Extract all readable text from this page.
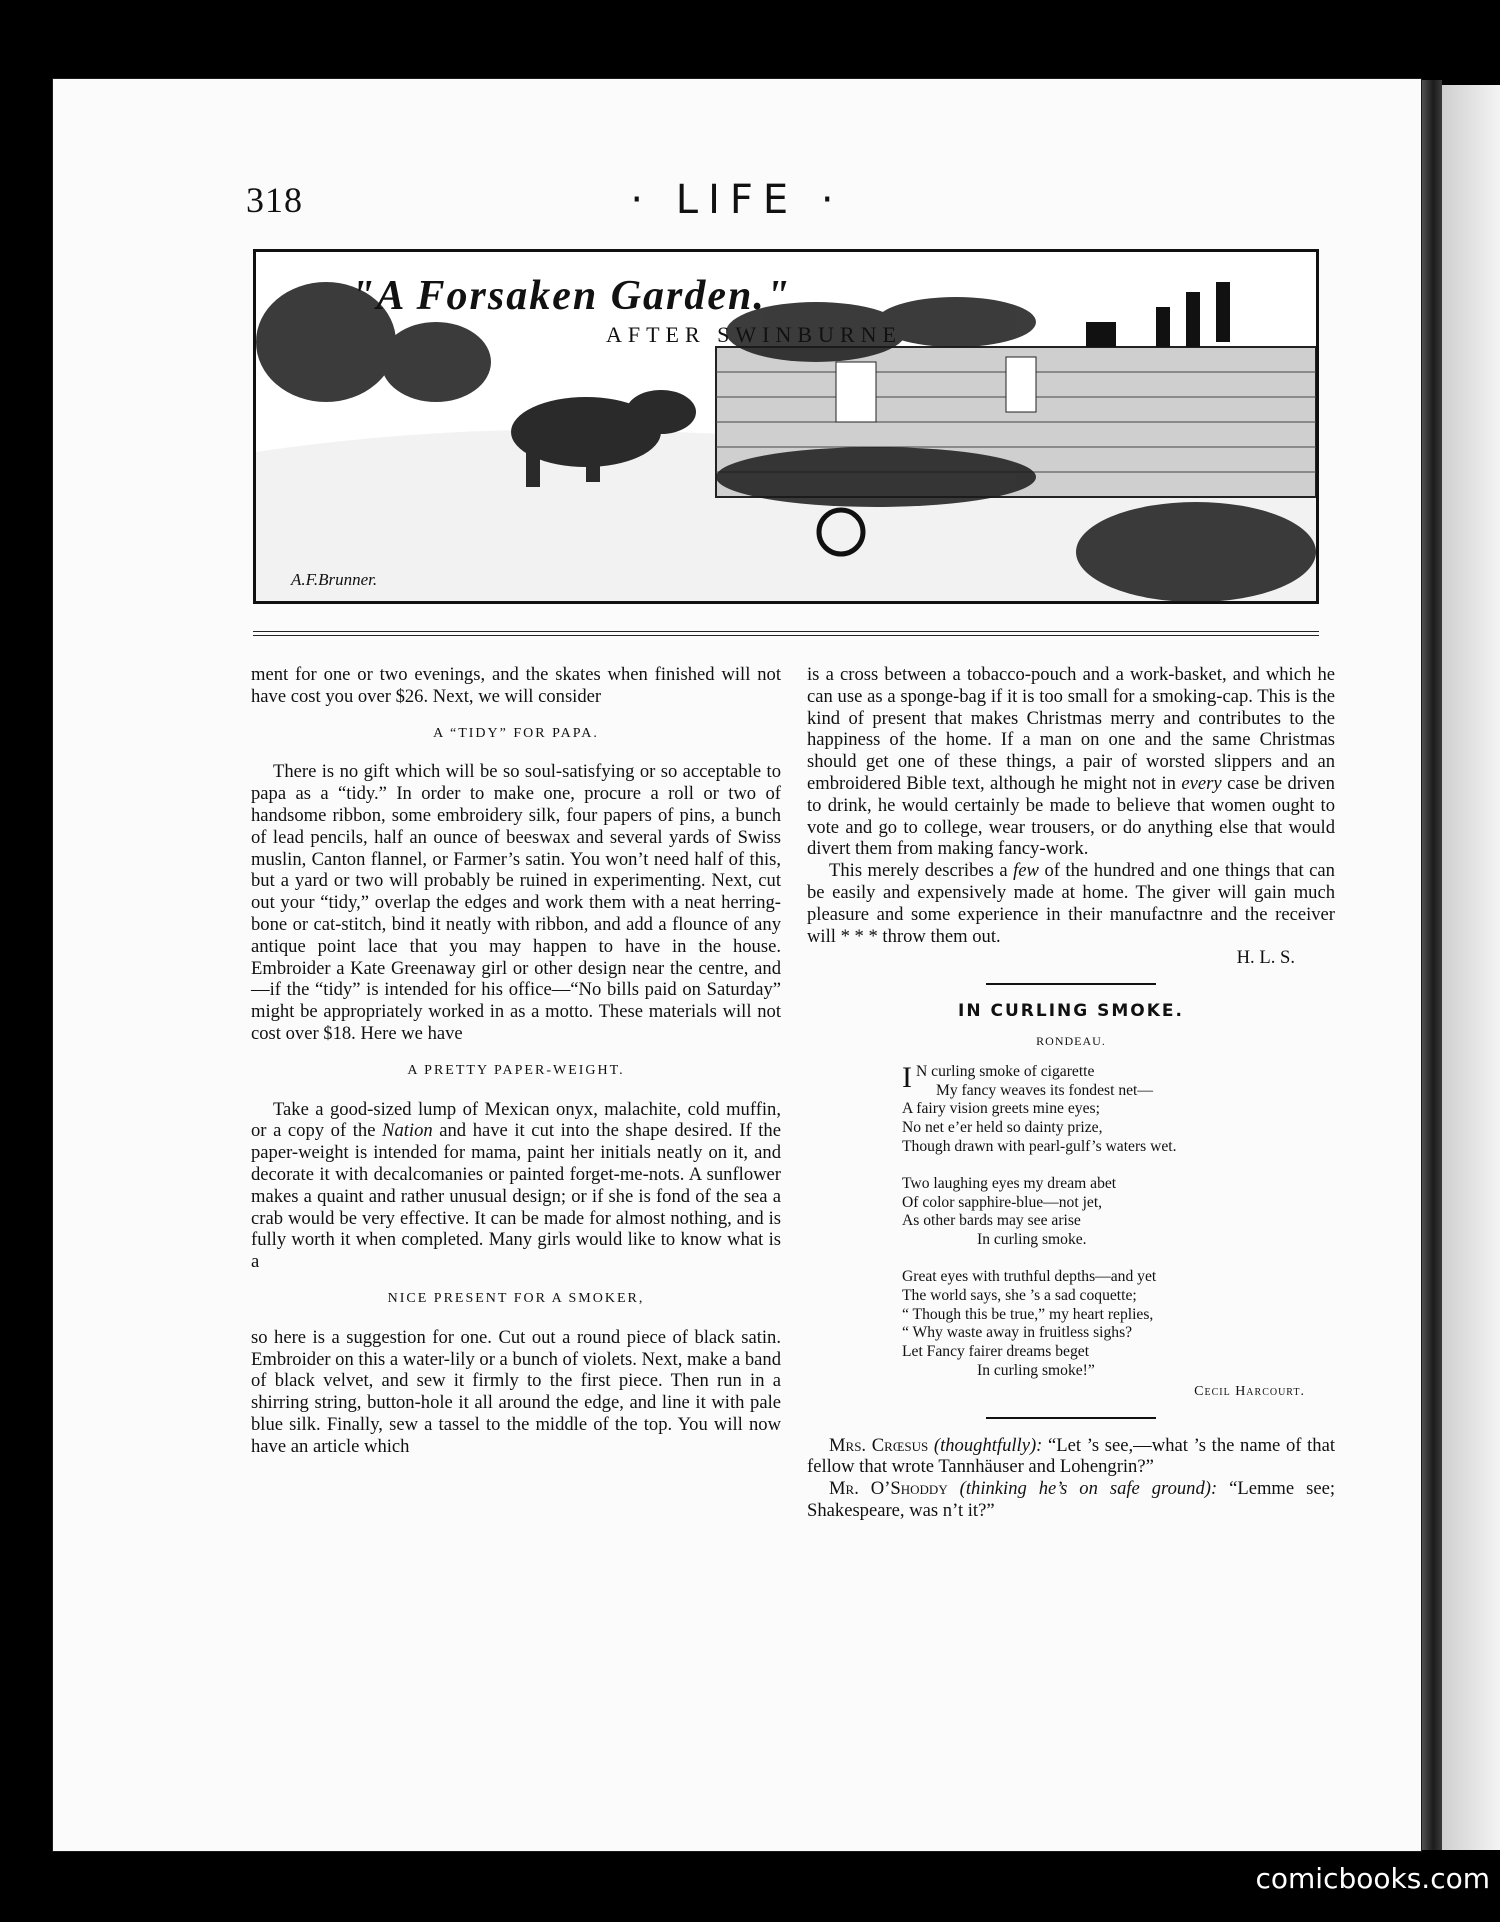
318	· LIFE ·
"A Forsaken Garden."
AFTER SWINBURNE
A.F.Brunner.

ment for one or two evenings, and the skates when finished will not have cost you over $26. Next, we will consider

A “TIDY” FOR PAPA.

There is no gift which will be so soul-satisfying or so acceptable to papa as a “tidy.” In order to make one, procure a roll or two of handsome ribbon, some embroidery silk, four papers of pins, a bunch of lead pencils, half an ounce of beeswax and several yards of Swiss muslin, Canton flannel, or Farmer’s satin. You won’t need half of this, but a yard or two will probably be ruined in experimenting. Next, cut out your “tidy,” overlap the edges and work them with a neat herring-bone or cat-stitch, bind it neatly with ribbon, and add a flounce of any antique point lace that you may happen to have in the house. Embroider a Kate Greenaway girl or other design near the centre, and—if the “tidy” is intended for his office—“No bills paid on Saturday” might be appropriately worked in as a motto. These materials will not cost over $18. Here we have

A PRETTY PAPER-WEIGHT.

Take a good-sized lump of Mexican onyx, malachite, cold muffin, or a copy of the Nation and have it cut into the shape desired. If the paper-weight is intended for mama, paint her initials neatly on it, and decorate it with decalcomanies or painted forget-me-nots. A sunflower makes a quaint and rather unusual design; or if she is fond of the sea a crab would be very effective. It can be made for almost nothing, and is fully worth it when completed. Many girls would like to know what is a

NICE PRESENT FOR A SMOKER,

so here is a suggestion for one. Cut out a round piece of black satin. Embroider on this a water-lily or a bunch of violets. Next, make a band of black velvet, and sew it firmly to the first piece. Then run in a shirring string, button-hole it all around the edge, and line it with pale blue silk. Finally, sew a tassel to the middle of the top. You will now have an article which

is a cross between a tobacco-pouch and a work-basket, and which he can use as a sponge-bag if it is too small for a smoking-cap. This is the kind of present that makes Christmas merry and contributes to the happiness of the home. If a man on one and the same Christmas should get one of these things, a pair of worsted slippers and an embroidered Bible text, although he might not in every case be driven to drink, he would certainly be made to believe that women ought to vote and go to college, wear trousers, or do anything else that would divert them from making fancy-work.

This merely describes a few of the hundred and one things that can be easily and expensively made at home. The giver will gain much pleasure and some experience in their manufactnre and the receiver will * * * throw them out.

H. L. S.

IN CURLING SMOKE.

RONDEAU.

I N curling smoke of cigarette
My fancy weaves its fondest net—
A fairy vision greets mine eyes;
No net e’er held so dainty prize,
Though drawn with pearl-gulf’s waters wet.
Two laughing eyes my dream abet
Of color sapphire-blue—not jet,
As other bards may see arise
In curling smoke.
Great eyes with truthful depths—and yet
The world says, she ’s a sad coquette;
“ Though this be true,” my heart replies,
“ Why waste away in fruitless sighs?
Let Fancy fairer dreams beget
In curling smoke!”

Cecil Harcourt.

Mrs. Crœsus (thoughtfully): “Let ’s see,—what ’s the name of that fellow that wrote Tannhäuser and Lohengrin?”

Mr. O’Shoddy (thinking he’s on safe ground): “Lemme see; Shakespeare, was n’t it?”

comicbooks.com
